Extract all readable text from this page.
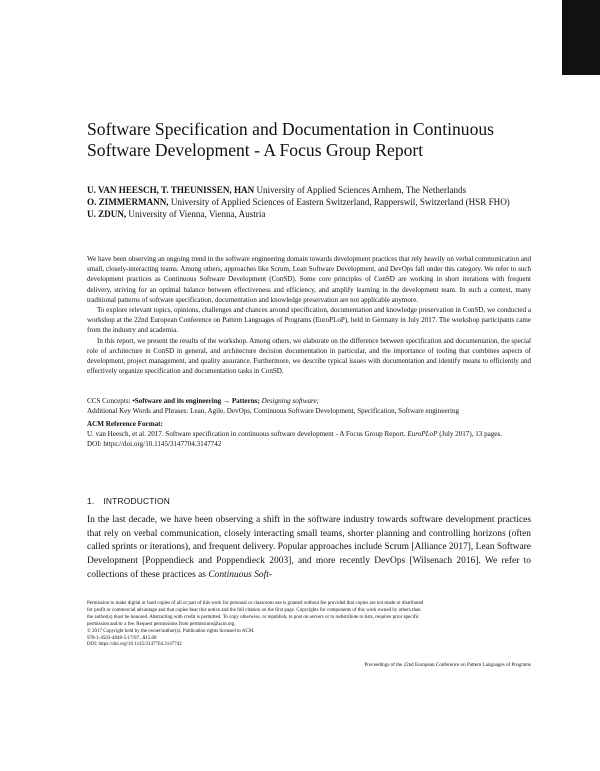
Software Specification and Documentation in Continuous Software Development - A Focus Group Report
U. VAN HEESCH, T. THEUNISSEN, HAN University of Applied Sciences Arnhem, The Netherlands
O. ZIMMERMANN, University of Applied Sciences of Eastern Switzerland, Rapperswil, Switzerland (HSR FHO)
U. ZDUN, University of Vienna, Vienna, Austria

We have been observing an ongoing trend in the software engineering domain towards development practices that rely heavily on verbal communication and small, closely-interacting teams. Among others, approaches like Scrum, Lean Software Development, and DevOps fall under this category. We refer to such development practices as Continuous Software Development (ConSD). Some core principles of ConSD are working in short iterations with frequent delivery, striving for an optimal balance between effectiveness and efficiency, and amplify learning in the development team. In such a context, many traditional patterns of software specification, documentation and knowledge preservation are not applicable anymore.

To explore relevant topics, opinions, challenges and chances around specification, documentation and knowledge preservation in ConSD, we conducted a workshop at the 22nd European Conference on Pattern Languages of Programs (EuroPLoP), held in Germany in July 2017. The workshop participants came from the industry and academia.

In this report, we present the results of the workshop. Among others, we elaborate on the difference between specification and documentation, the special role of architecture in ConSD in general, and architecture decision documentation in particular, and the importance of tooling that combines aspects of development, project management, and quality assurance. Furthermore, we describe typical issues with documentation and identify means to efficiently and effectively organize specification and documentation tasks in ConSD.

CCS Concepts: •Software and its engineering → Patterns; Designing software;
Additional Key Words and Phrases: Lean, Agile, DevOps, Continuous Software Development, Specification, Software engineering
ACM Reference Format:
U. van Heesch, et al. 2017. Software specification in continuous software development - A Focus Group Report. EuroPLoP (July 2017), 13 pages.
DOI: https://doi.org/10.1145/3147704.3147742
1. INTRODUCTION

In the last decade, we have been observing a shift in the software industry towards software development practices that rely on verbal communication, closely interacting small teams, shorter planning and controlling horizons (often called sprints or iterations), and frequent delivery. Popular approaches include Scrum [Alliance 2017], Lean Software Development [Poppendieck and Poppendieck 2003], and more recently DevOps [Wilsenach 2016]. We refer to collections of these practices as Continuous Soft-

Permission to make digital or hard copies of all or part of this work for personal or classroom use is granted without fee provided that copies are not made or distributed
for profit or commercial advantage and that copies bear this notice and the full citation on the first page. Copyrights for components of this work owned by others than
the author(s) must be honored. Abstracting with credit is permitted. To copy otherwise, or republish, to post on servers or to redistribute to lists, requires prior specific
permission and/or a fee. Request permissions from permissions@acm.org.
© 2017 Copyright held by the owner/author(s). Publication rights licensed to ACM.
978-1-4503-4848-5/17/07...$15.00
DOI: https://doi.org/10.1145/3147704.3147742
Proceedings of the 22nd European Conference on Pattern Languages of Programs
